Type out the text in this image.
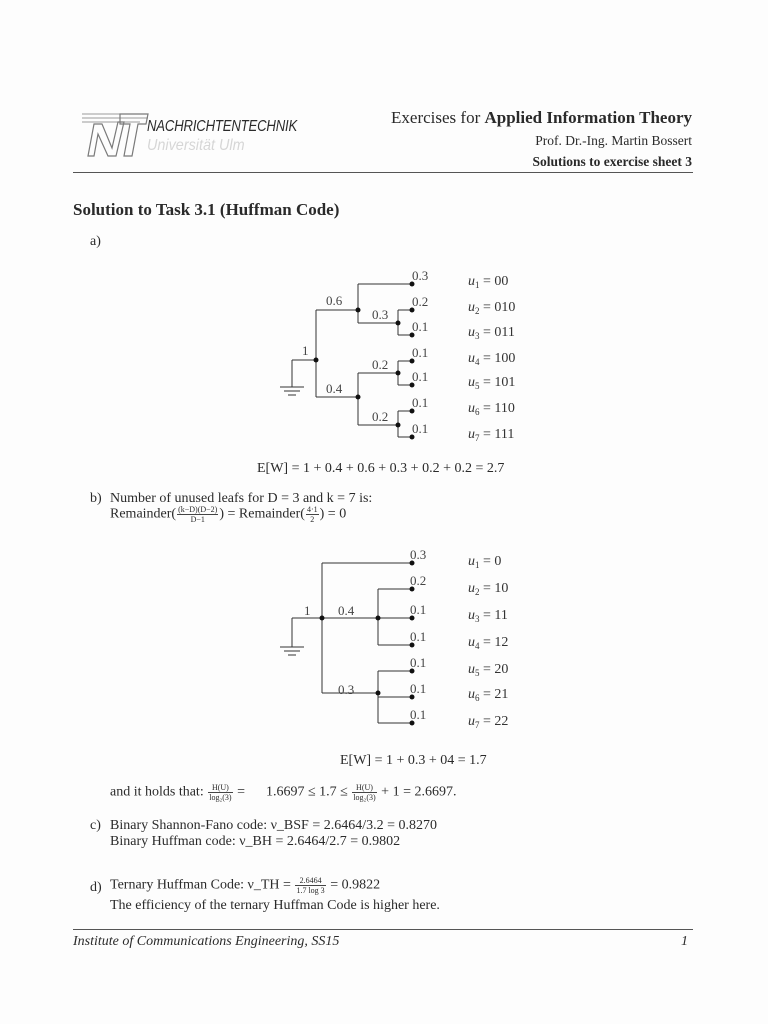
NACHRICHTENTECHNIK
Universität Ulm
Exercises for Applied Information Theory
Prof. Dr.-Ing. Martin Bossert
Solutions to exercise sheet 3
Solution to Task 3.1 (Huffman Code)
a)
1
0.6
0.3
0.4
0.2
0.2
0.3
0.2
0.1
0.1
0.1
0.1
0.1
$u_1 = 00$
$u_2 = 010$
$u_3 = 011$
$u_4 = 100$
$u_5 = 101$
$u_6 = 110$
$u_7 = 111$
E[W] = 1 + 0.4 + 0.6 + 0.3 + 0.2 + 0.2 = 2.7
b) Number of unused leafs for D = 3 and k = 7 is:
Remainder( $\frac{(k-D)(D-2)}{D-1}$ ) = Remainder( $\frac{4\cdot 1}{2}$ ) = 0
1 0.4
0.3
0.3
0.2
0.1
0.1
0.1
0.1
0.1
$u_1 = 0$
$u_2 = 10$
$u_3 = 11$
$u_4 = 12$
$u_5 = 20$
$u_6 = 21$
$u_7 = 22$
E[W] = 1 + 0.3 + 04 = 1.7
and it holds that: $\frac{H(U)}{\text{log₂(3)}}$ =      $1.6697 \le 1.7 \le \frac{H(U)}{\text{log₂(3)}} + 1 = 2.6697$.
c) Binary Shannon-Fano code: ν_BSF = 2.6464/3.2 = 0.8270
Binary Huffman code: ν_BH = 2.6464/2.7 = 0.9802
d) Ternary Huffman Code: ν_TH = $\frac{2.6464}{1.7 \log 3} = 0.9822$
The efficiency of the ternary Huffman Code is higher here.
Institute of Communications Engineering, SS15	1
